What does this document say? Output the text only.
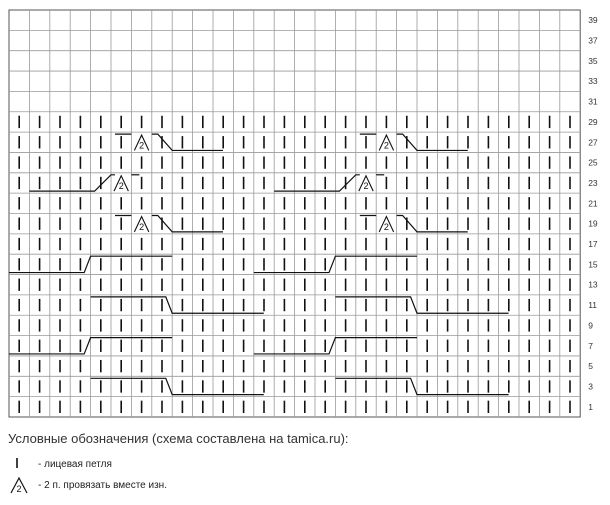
2	2
2	2
2	2
39
37
35
33
31
29
27
25
23
21
19
17
15
13
11
9
7
5
3
1
Условные обозначения (схема составлена на tamica.ru):
- лицевая петля
2 - 2 п. провязать вместе изн.
